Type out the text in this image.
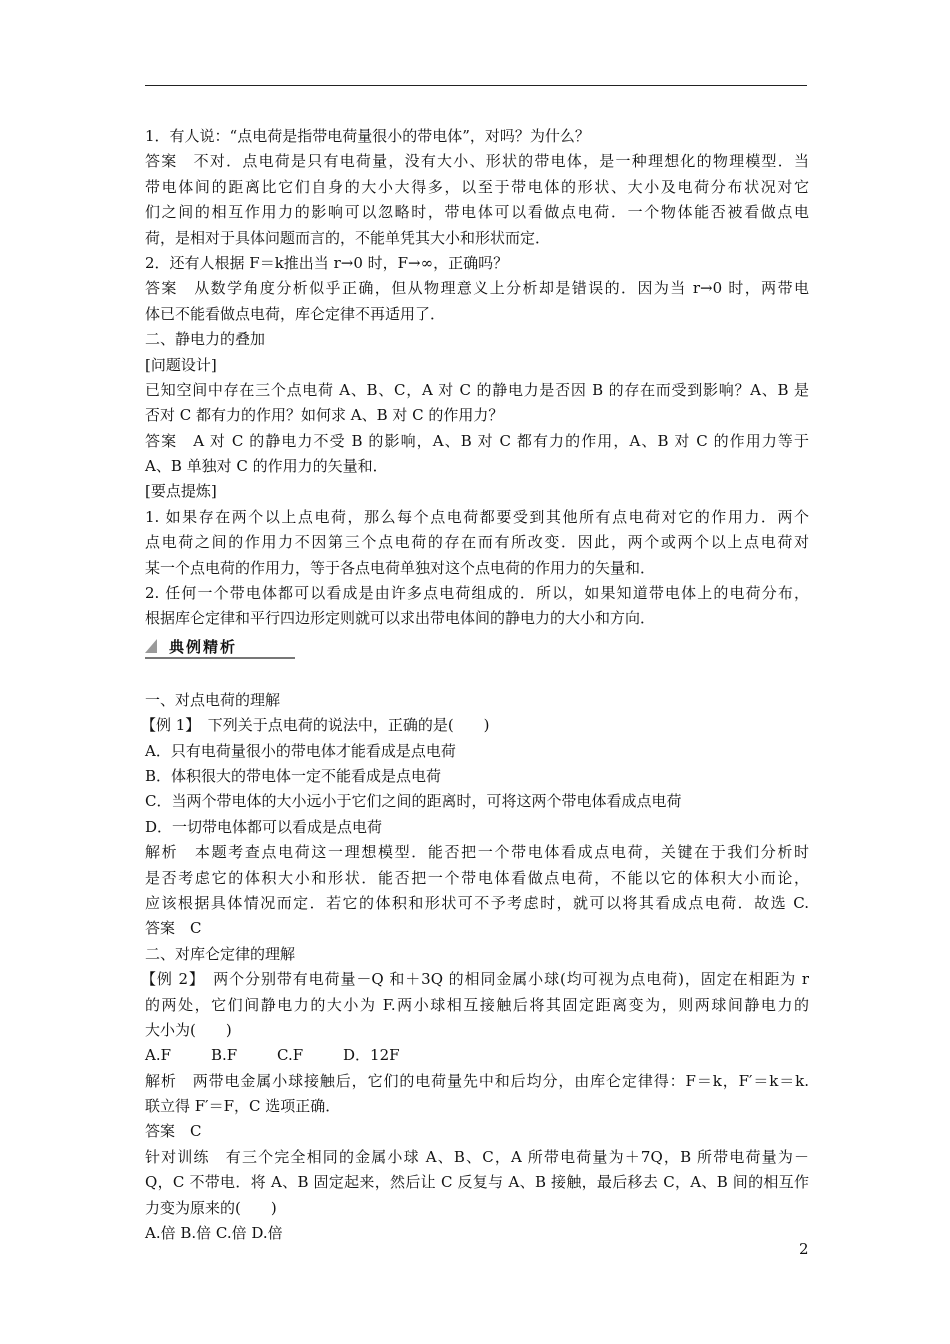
1．有人说：“点电荷是指带电荷量很小的带电体”，对吗？为什么？
答案　不对．点电荷是只有电荷量，没有大小、形状的带电体，是一种理想化的物理模型．当
带电体间的距离比它们自身的大小大得多，以至于带电体的形状、大小及电荷分布状况对它
们之间的相互作用力的影响可以忽略时，带电体可以看做点电荷．一个物体能否被看做点电
荷，是相对于具体问题而言的，不能单凭其大小和形状而定．
2．还有人根据 F＝k推出当 r→0 时，F→∞，正确吗？
答案　从数学角度分析似乎正确，但从物理意义上分析却是错误的．因为当 r→0 时，两带电
体已不能看做点电荷，库仑定律不再适用了．
二、静电力的叠加
[问题设计]
已知空间中存在三个点电荷 A、B、C，A 对 C 的静电力是否因 B 的存在而受到影响？A、B 是
否对 C 都有力的作用？如何求 A、B 对 C 的作用力？
答案　A 对 C 的静电力不受 B 的影响，A、B 对 C 都有力的作用，A、B 对 C 的作用力等于
A、B 单独对 C 的作用力的矢量和．
[要点提炼]
1. 如果存在两个以上点电荷，那么每个点电荷都要受到其他所有点电荷对它的作用力．两个
点电荷之间的作用力不因第三个点电荷的存在而有所改变．因此，两个或两个以上点电荷对
某一个点电荷的作用力，等于各点电荷单独对这个点电荷的作用力的矢量和．
2. 任何一个带电体都可以看成是由许多点电荷组成的．所以，如果知道带电体上的电荷分布，
根据库仑定律和平行四边形定则就可以求出带电体间的静电力的大小和方向．
典例精析
一、对点电荷的理解
【例 1】　下列关于点电荷的说法中，正确的是(　　)
A．只有电荷量很小的带电体才能看成是点电荷
B．体积很大的带电体一定不能看成是点电荷
C．当两个带电体的大小远小于它们之间的距离时，可将这两个带电体看成点电荷
D．一切带电体都可以看成是点电荷
解析　本题考查点电荷这一理想模型．能否把一个带电体看成点电荷，关键在于我们分析时
是否考虑它的体积大小和形状．能否把一个带电体看做点电荷，不能以它的体积大小而论，
应该根据具体情况而定．若它的体积和形状可不予考虑时，就可以将其看成点电荷．故选 C.
答案　C
二、对库仑定律的理解
【例 2】　两个分别带有电荷量－Q 和＋3Q 的相同金属小球(均可视为点电荷)，固定在相距为 r
的两处，它们间静电力的大小为 F.两小球相互接触后将其固定距离变为，则两球间静电力的
大小为(　　)
A.F	B.F	C.F	D．12F
解析　两带电金属小球接触后，它们的电荷量先中和后均分，由库仑定律得：F＝k，F′＝k＝k.
联立得 F′＝F，C 选项正确．
答案　C
针对训练　有三个完全相同的金属小球 A、B、C，A 所带电荷量为＋7Q，B 所带电荷量为－
Q，C 不带电．将 A、B 固定起来，然后让 C 反复与 A、B 接触，最后移去 C，A、B 间的相互作
力变为原来的(　　)
A.倍 B.倍 C.倍 D.倍
2
